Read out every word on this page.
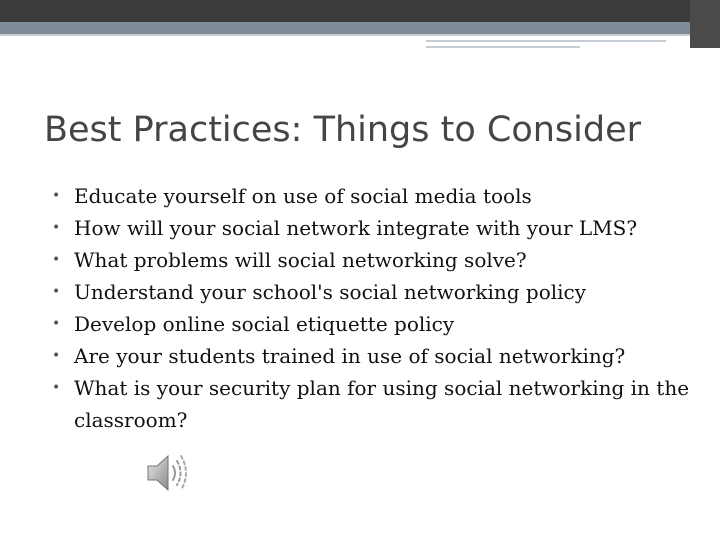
Best Practices: Things to Consider
• Educate yourself on use of social media tools
• How will your social network integrate with your LMS?
• What problems will social networking solve?
• Understand your school's social networking policy
• Develop online social etiquette policy
• Are your students trained in use of social networking?
• What is your security plan for using social networking in the classroom?
